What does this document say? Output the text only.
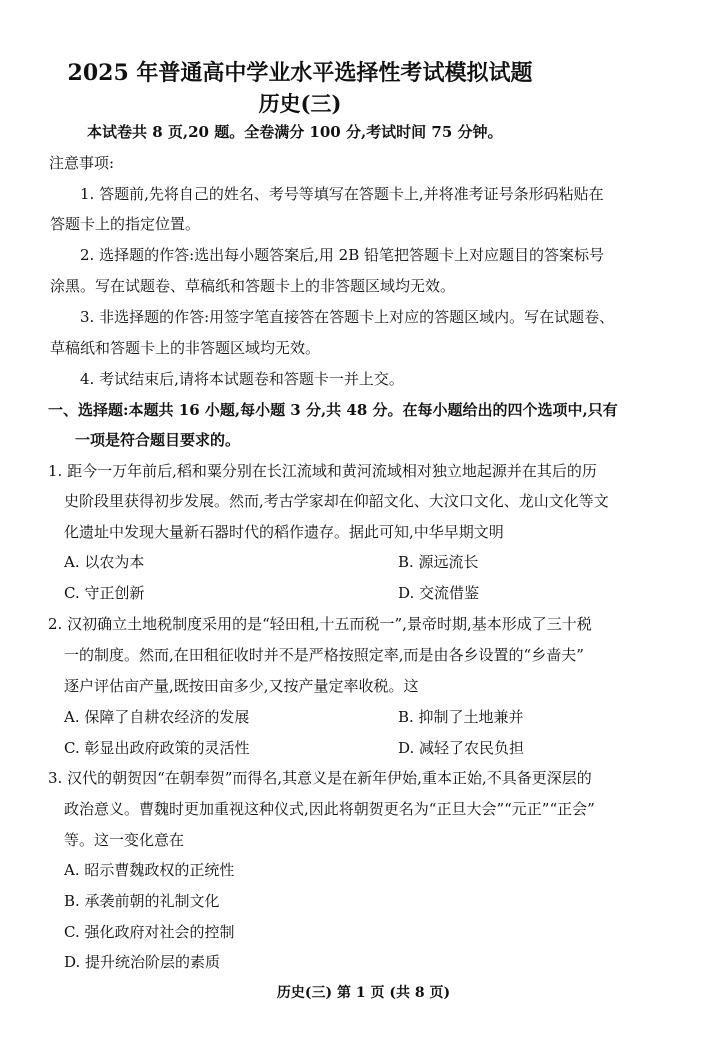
2025 年普通高中学业水平选择性考试模拟试题
历史(三)
本试卷共 8 页,20 题。全卷满分 100 分,考试时间 75 分钟。
注意事项:
1. 答题前,先将自己的姓名、考号等填写在答题卡上,并将准考证号条形码粘贴在
答题卡上的指定位置。
2. 选择题的作答:选出每小题答案后,用 2B 铅笔把答题卡上对应题目的答案标号
涂黑。写在试题卷、草稿纸和答题卡上的非答题区域均无效。
3. 非选择题的作答:用签字笔直接答在答题卡上对应的答题区域内。写在试题卷、
草稿纸和答题卡上的非答题区域均无效。
4. 考试结束后,请将本试题卷和答题卡一并上交。
一、选择题:本题共 16 小题,每小题 3 分,共 48 分。在每小题给出的四个选项中,只有
一项是符合题目要求的。
1. 距今一万年前后,稻和粟分别在长江流域和黄河流域相对独立地起源并在其后的历
史阶段里获得初步发展。然而,考古学家却在仰韶文化、大汶口文化、龙山文化等文
化遗址中发现大量新石器时代的稻作遗存。据此可知,中华早期文明
A. 以农为本	B. 源远流长
C. 守正创新	D. 交流借鉴
2. 汉初确立土地税制度采用的是“轻田租,十五而税一”,景帝时期,基本形成了三十税
一的制度。然而,在田租征收时并不是严格按照定率,而是由各乡设置的“乡啬夫”
逐户评估亩产量,既按田亩多少,又按产量定率收税。这
A. 保障了自耕农经济的发展	B. 抑制了土地兼并
C. 彰显出政府政策的灵活性	D. 减轻了农民负担
3. 汉代的朝贺因“在朝奉贺”而得名,其意义是在新年伊始,重本正始,不具备更深层的
政治意义。曹魏时更加重视这种仪式,因此将朝贺更名为“正旦大会”“元正”“正会”
等。这一变化意在
A. 昭示曹魏政权的正统性
B. 承袭前朝的礼制文化
C. 强化政府对社会的控制
D. 提升统治阶层的素质
历史(三) 第 1 页 (共 8 页)
